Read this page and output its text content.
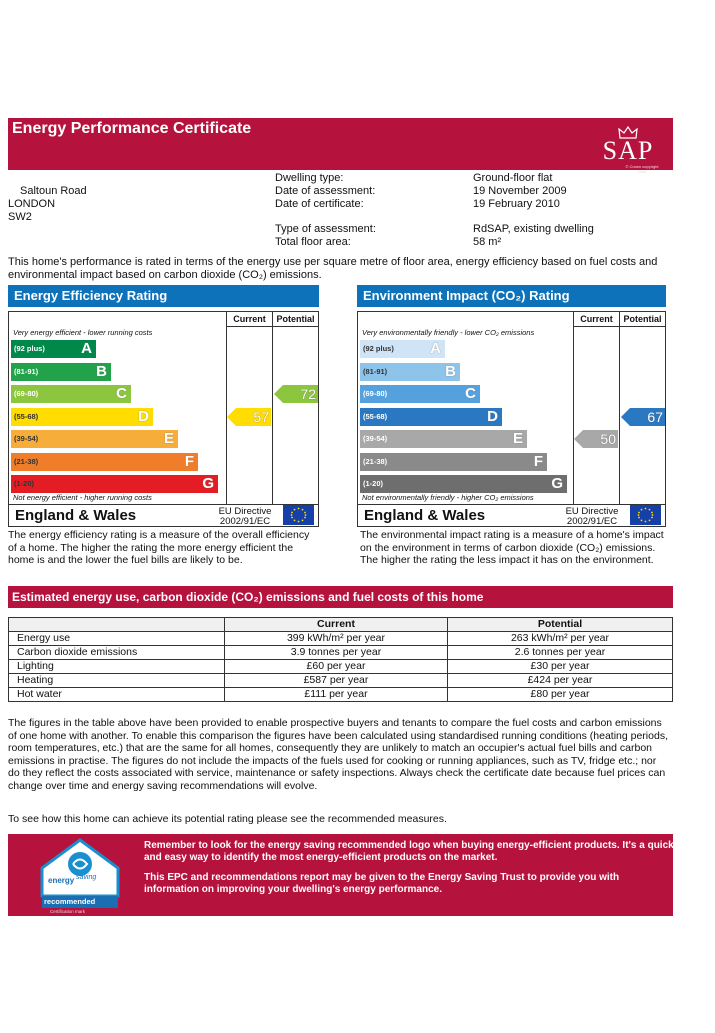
Energy Performance Certificate
SAP
© Crown copyright 2005
Saltoun Road
LONDON
SW2
Dwelling type:	Ground-floor flat
Date of assessment:	19 November 2009
Date of certificate:	19 February 2010
Type of assessment:	RdSAP, existing dwelling
Total floor area:	58 m²
This home's performance is rated in terms of the energy use per square metre of floor area, energy efficiency based on fuel costs and environmental impact based on carbon dioxide (CO₂) emissions.
Energy Efficiency Rating
Current	Potential
Very energy efficient - lower running costs
Not energy efficient - higher running costs
England & Wales	EU Directive
2002/91/EC
(92 plus) A
(81-91)	B
(69-80)	C
(55-68)	D
(39-54)	E
(21-38)	F
(1-20)	G
57
72
The energy efficiency rating is a measure of the overall efficiency of a home. The higher the rating the more energy efficient the home is and the lower the fuel bills are likely to be.
Environment Impact (CO₂) Rating
Current	Potential
Very environmentally friendly - lower CO₂ emissions
Not environmentally friendly - higher CO₂ emissions
England & Wales	EU Directive
2002/91/EC
(92 plus) A
(81-91)	B
(69-80)	C
(55-68)	D
(39-54)	E
(21-38)	F
(1-20)	G
50
67
The environmental impact rating is a measure of a home's impact on the environment in terms of carbon dioxide (CO₂) emissions. The higher the rating the less impact it has on the environment.
Estimated energy use, carbon dioxide (CO₂) emissions and fuel costs of this home
	Current	Potential
Energy use	399 kWh/m² per year	263 kWh/m² per year
Carbon dioxide emissions	3.9 tonnes per year	2.6 tonnes per year
Lighting	£60 per year	£30 per year
Heating	£587 per year	£424 per year
Hot water	£111 per year	£80 per year
The figures in the table above have been provided to enable prospective buyers and tenants to compare the fuel costs and carbon emissions of one home with another. To enable this comparison the figures have been calculated using standardised running conditions (heating periods, room temperatures, etc.) that are the same for all homes, consequently they are unlikely to match an occupier's actual fuel bills and carbon emissions in practise. The figures do not include the impacts of the fuels used for cooking or running appliances, such as TV, fridge etc.; nor do they reflect the costs associated with service, maintenance or safety inspections. Always check the certificate date because fuel prices can change over time and energy saving recommendations will evolve.
To see how this home can achieve its potential rating please see the recommended measures.
energy saving
recommended
Certification mark
Remember to look for the energy saving recommended logo when buying energy-efficient products. It's a quick and easy way to identify the most energy-efficient products on the market.
This EPC and recommendations report may be given to the Energy Saving Trust to provide you with information on improving your dwelling's energy performance.
